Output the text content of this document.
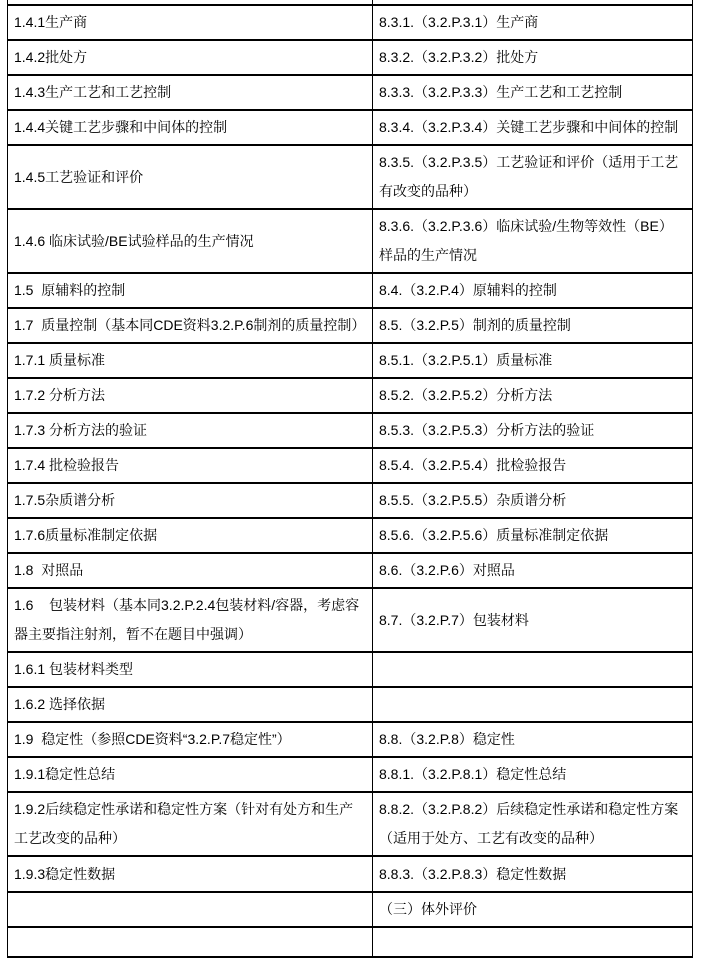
1.4.1生产商	8.3.1.（3.2.P.3.1）生产商
1.4.2批处方	8.3.2.（3.2.P.3.2）批处方
1.4.3生产工艺和工艺控制	8.3.3.（3.2.P.3.3）生产工艺和工艺控制
1.4.4关键工艺步骤和中间体的控制	8.3.4.（3.2.P.3.4）关键工艺步骤和中间体的控制
1.4.5工艺验证和评价	8.3.5.（3.2.P.3.5）工艺验证和评价（适用于工艺有改变的品种）
1.4.6 临床试验/BE试验样品的生产情况	8.3.6.（3.2.P.3.6）临床试验/生物等效性（BE）样品的生产情况
1.5  原辅料的控制	8.4.（3.2.P.4）原辅料的控制
1.7  质量控制（基本同CDE资料3.2.P.6制剂的质量控制）	8.5.（3.2.P.5）制剂的质量控制
1.7.1 质量标准	8.5.1.（3.2.P.5.1）质量标准
1.7.2 分析方法	8.5.2.（3.2.P.5.2）分析方法
1.7.3 分析方法的验证	8.5.3.（3.2.P.5.3）分析方法的验证
1.7.4 批检验报告	8.5.4.（3.2.P.5.4）批检验报告
1.7.5杂质谱分析	8.5.5.（3.2.P.5.5）杂质谱分析
1.7.6质量标准制定依据	8.5.6.（3.2.P.5.6）质量标准制定依据
1.8  对照品	8.6.（3.2.P.6）对照品
1.6    包装材料（基本同3.2.P.2.4包装材料/容器，考虑容器主要指注射剂，暂不在题目中强调）	8.7.（3.2.P.7）包装材料
1.6.1 包装材料类型	
1.6.2 选择依据	
1.9  稳定性（参照CDE资料“3.2.P.7稳定性”）	8.8.（3.2.P.8）稳定性
1.9.1稳定性总结	8.8.1.（3.2.P.8.1）稳定性总结
1.9.2后续稳定性承诺和稳定性方案（针对有处方和生产工艺改变的品种）	8.8.2.（3.2.P.8.2）后续稳定性承诺和稳定性方案 （适用于处方、工艺有改变的品种）
1.9.3稳定性数据	8.8.3.（3.2.P.8.3）稳定性数据
	（三）体外评价
